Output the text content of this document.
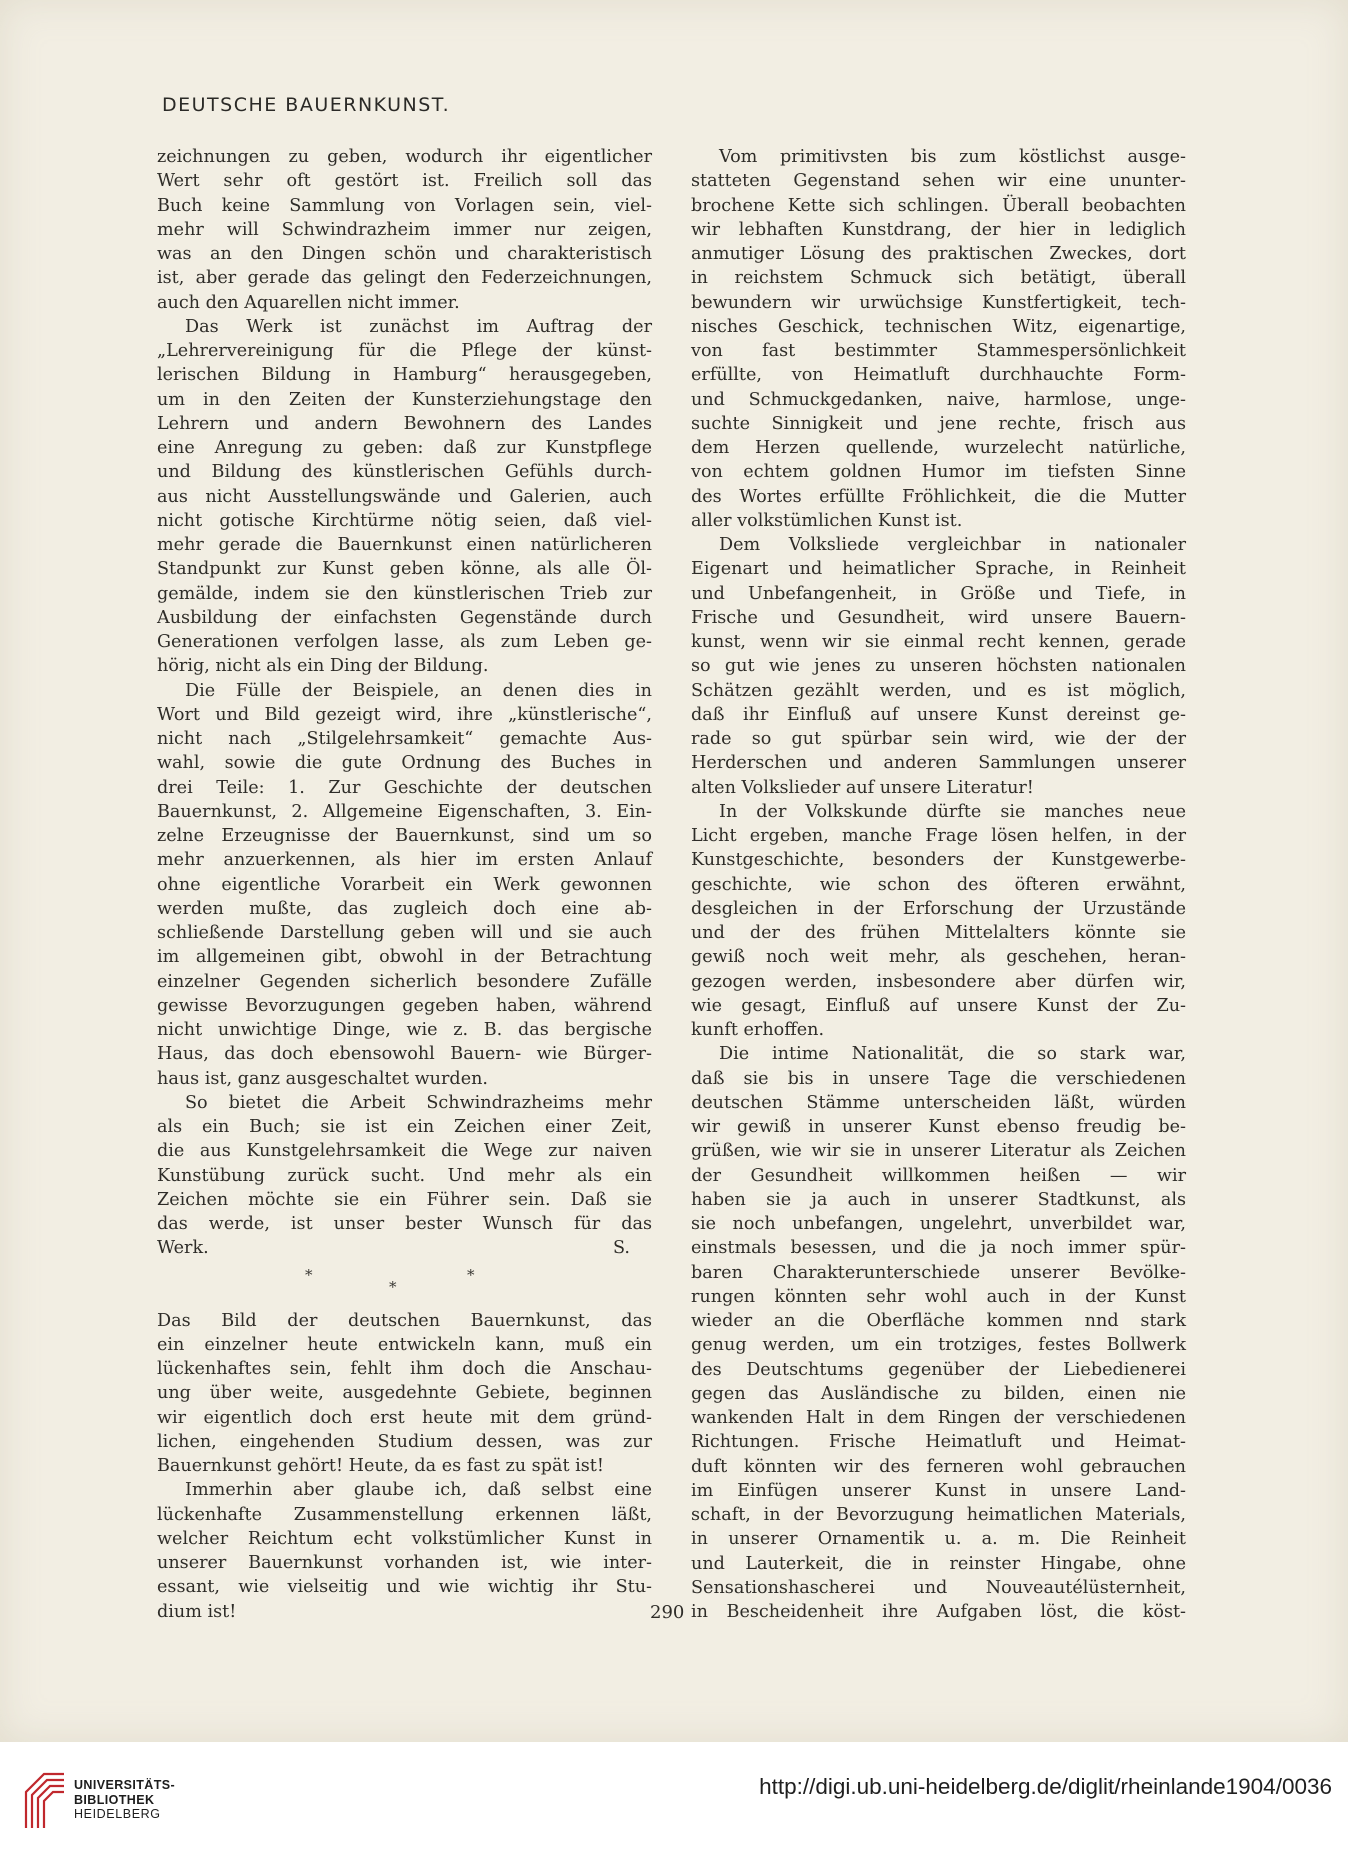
DEUTSCHE BAUERNKUNST.
zeichnungen zu geben, wodurch ihr eigentlicher
Wert sehr oft gestört ist. Freilich soll das
Buch keine Sammlung von Vorlagen sein, viel-
mehr will Schwindrazheim immer nur zeigen,
was an den Dingen schön und charakteristisch
ist, aber gerade das gelingt den Federzeichnungen,
auch den Aquarellen nicht immer.
Das Werk ist zunächst im Auftrag der
„Lehrervereinigung für die Pflege der künst-
lerischen Bildung in Hamburg“ herausgegeben,
um in den Zeiten der Kunsterziehungstage den
Lehrern und andern Bewohnern des Landes
eine Anregung zu geben: daß zur Kunstpflege
und Bildung des künstlerischen Gefühls durch-
aus nicht Ausstellungswände und Galerien, auch
nicht gotische Kirchtürme nötig seien, daß viel-
mehr gerade die Bauernkunst einen natürlicheren
Standpunkt zur Kunst geben könne, als alle Öl-
gemälde, indem sie den künstlerischen Trieb zur
Ausbildung der einfachsten Gegenstände durch
Generationen verfolgen lasse, als zum Leben ge-
hörig, nicht als ein Ding der Bildung.
Die Fülle der Beispiele, an denen dies in
Wort und Bild gezeigt wird, ihre „künstlerische“,
nicht nach „Stilgelehrsamkeit“ gemachte Aus-
wahl, sowie die gute Ordnung des Buches in
drei Teile: 1. Zur Geschichte der deutschen
Bauernkunst, 2. Allgemeine Eigenschaften, 3. Ein-
zelne Erzeugnisse der Bauernkunst, sind um so
mehr anzuerkennen, als hier im ersten Anlauf
ohne eigentliche Vorarbeit ein Werk gewonnen
werden mußte, das zugleich doch eine ab-
schließende Darstellung geben will und sie auch
im allgemeinen gibt, obwohl in der Betrachtung
einzelner Gegenden sicherlich besondere Zufälle
gewisse Bevorzugungen gegeben haben, während
nicht unwichtige Dinge, wie z. B. das bergische
Haus, das doch ebensowohl Bauern- wie Bürger-
haus ist, ganz ausgeschaltet wurden.
So bietet die Arbeit Schwindrazheims mehr
als ein Buch; sie ist ein Zeichen einer Zeit,
die aus Kunstgelehrsamkeit die Wege zur naiven
Kunstübung zurück sucht. Und mehr als ein
Zeichen möchte sie ein Führer sein. Daß sie
das werde, ist unser bester Wunsch für das
Werk.	S.
*
*
*
Das Bild der deutschen Bauernkunst, das
ein einzelner heute entwickeln kann, muß ein
lückenhaftes sein, fehlt ihm doch die Anschau-
ung über weite, ausgedehnte Gebiete, beginnen
wir eigentlich doch erst heute mit dem gründ-
lichen, eingehenden Studium dessen, was zur
Bauernkunst gehört! Heute, da es fast zu spät ist!
Immerhin aber glaube ich, daß selbst eine
lückenhafte Zusammenstellung erkennen läßt,
welcher Reichtum echt volkstümlicher Kunst in
unserer Bauernkunst vorhanden ist, wie inter-
essant, wie vielseitig und wie wichtig ihr Stu-
dium ist!
Vom primitivsten bis zum köstlichst ausge-
statteten Gegenstand sehen wir eine ununter-
brochene Kette sich schlingen. Überall beobachten
wir lebhaften Kunstdrang, der hier in lediglich
anmutiger Lösung des praktischen Zweckes, dort
in reichstem Schmuck sich betätigt, überall
bewundern wir urwüchsige Kunstfertigkeit, tech-
nisches Geschick, technischen Witz, eigenartige,
von fast bestimmter Stammespersönlichkeit
erfüllte, von Heimatluft durchhauchte Form-
und Schmuckgedanken, naive, harmlose, unge-
suchte Sinnigkeit und jene rechte, frisch aus
dem Herzen quellende, wurzelecht natürliche,
von echtem goldnen Humor im tiefsten Sinne
des Wortes erfüllte Fröhlichkeit, die die Mutter
aller volkstümlichen Kunst ist.
Dem Volksliede vergleichbar in nationaler
Eigenart und heimatlicher Sprache, in Reinheit
und Unbefangenheit, in Größe und Tiefe, in
Frische und Gesundheit, wird unsere Bauern-
kunst, wenn wir sie einmal recht kennen, gerade
so gut wie jenes zu unseren höchsten nationalen
Schätzen gezählt werden, und es ist möglich,
daß ihr Einfluß auf unsere Kunst dereinst ge-
rade so gut spürbar sein wird, wie der der
Herderschen und anderen Sammlungen unserer
alten Volkslieder auf unsere Literatur!
In der Volkskunde dürfte sie manches neue
Licht ergeben, manche Frage lösen helfen, in der
Kunstgeschichte, besonders der Kunstgewerbe-
geschichte, wie schon des öfteren erwähnt,
desgleichen in der Erforschung der Urzustände
und der des frühen Mittelalters könnte sie
gewiß noch weit mehr, als geschehen, heran-
gezogen werden, insbesondere aber dürfen wir,
wie gesagt, Einfluß auf unsere Kunst der Zu-
kunft erhoffen.
Die intime Nationalität, die so stark war,
daß sie bis in unsere Tage die verschiedenen
deutschen Stämme unterscheiden läßt, würden
wir gewiß in unserer Kunst ebenso freudig be-
grüßen, wie wir sie in unserer Literatur als Zeichen
der Gesundheit willkommen heißen — wir
haben sie ja auch in unserer Stadtkunst, als
sie noch unbefangen, ungelehrt, unverbildet war,
einstmals besessen, und die ja noch immer spür-
baren Charakterunterschiede unserer Bevölke-
rungen könnten sehr wohl auch in der Kunst
wieder an die Oberfläche kommen nnd stark
genug werden, um ein trotziges, festes Bollwerk
des Deutschtums gegenüber der Liebedienerei
gegen das Ausländische zu bilden, einen nie
wankenden Halt in dem Ringen der verschiedenen
Richtungen. Frische Heimatluft und Heimat-
duft könnten wir des ferneren wohl gebrauchen
im Einfügen unserer Kunst in unsere Land-
schaft, in der Bevorzugung heimatlichen Materials,
in unserer Ornamentik u. a. m. Die Reinheit
und Lauterkeit, die in reinster Hingabe, ohne
Sensationshascherei und Nouveautélüsternheit,
in Bescheidenheit ihre Aufgaben löst, die köst-
290
UNIVERSITÄTS-
BIBLIOTHEK
HEIDELBERG
http://digi.ub.uni-heidelberg.de/diglit/rheinlande1904/0036
